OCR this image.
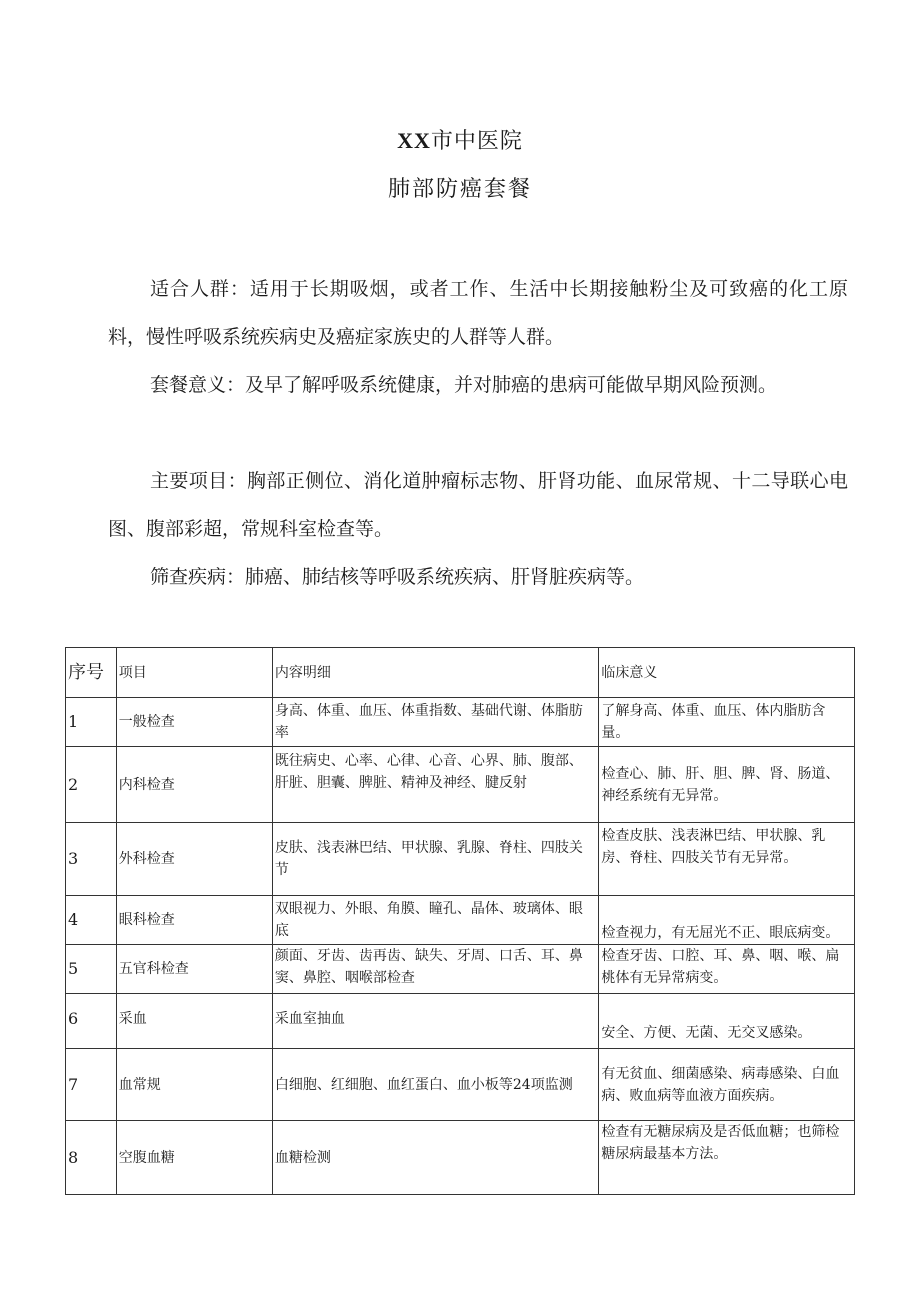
XX市中医院
肺部防癌套餐
适合人群：适用于长期吸烟，或者工作、生活中长期接触粉尘及可致癌的化工原料，慢性呼吸系统疾病史及癌症家族史的人群等人群。
套餐意义：及早了解呼吸系统健康，并对肺癌的患病可能做早期风险预测。
主要项目：胸部正侧位、消化道肿瘤标志物、肝肾功能、血尿常规、十二导联心电图、腹部彩超，常规科室检查等。
筛查疾病：肺癌、肺结核等呼吸系统疾病、肝肾脏疾病等。
序号	项目	内容明细	临床意义
1	一般检查	身高、体重、血压、体重指数、基础代谢、体脂肪率	了解身高、体重、血压、体内脂肪含量。
2	内科检查	既往病史、心率、心律、心音、心界、肺、腹部、肝脏、胆囊、脾脏、精神及神经、腱反射	检查心、肺、肝、胆、脾、肾、肠道、神经系统有无异常。
3	外科检查	皮肤、浅表淋巴结、甲状腺、乳腺、脊柱、四肢关节	检查皮肤、浅表淋巴结、甲状腺、乳房、脊柱、四肢关节有无异常。
4	眼科检查	双眼视力、外眼、角膜、瞳孔、晶体、玻璃体、眼底	检查视力，有无屈光不正、眼底病变。
5	五官科检查	颜面、牙齿、齿再齿、缺失、牙周、口舌、耳、鼻窦、鼻腔、咽喉部检查	检查牙齿、口腔、耳、鼻、咽、喉、扁桃体有无异常病变。
6	采血	采血室抽血	安全、方便、无菌、无交叉感染。
7	血常规	白细胞、红细胞、血红蛋白、血小板等24项监测	有无贫血、细菌感染、病毒感染、白血病、败血病等血液方面疾病。
8	空腹血糖	血糖检测	检查有无糖尿病及是否低血糖；也筛检糖尿病最基本方法。
